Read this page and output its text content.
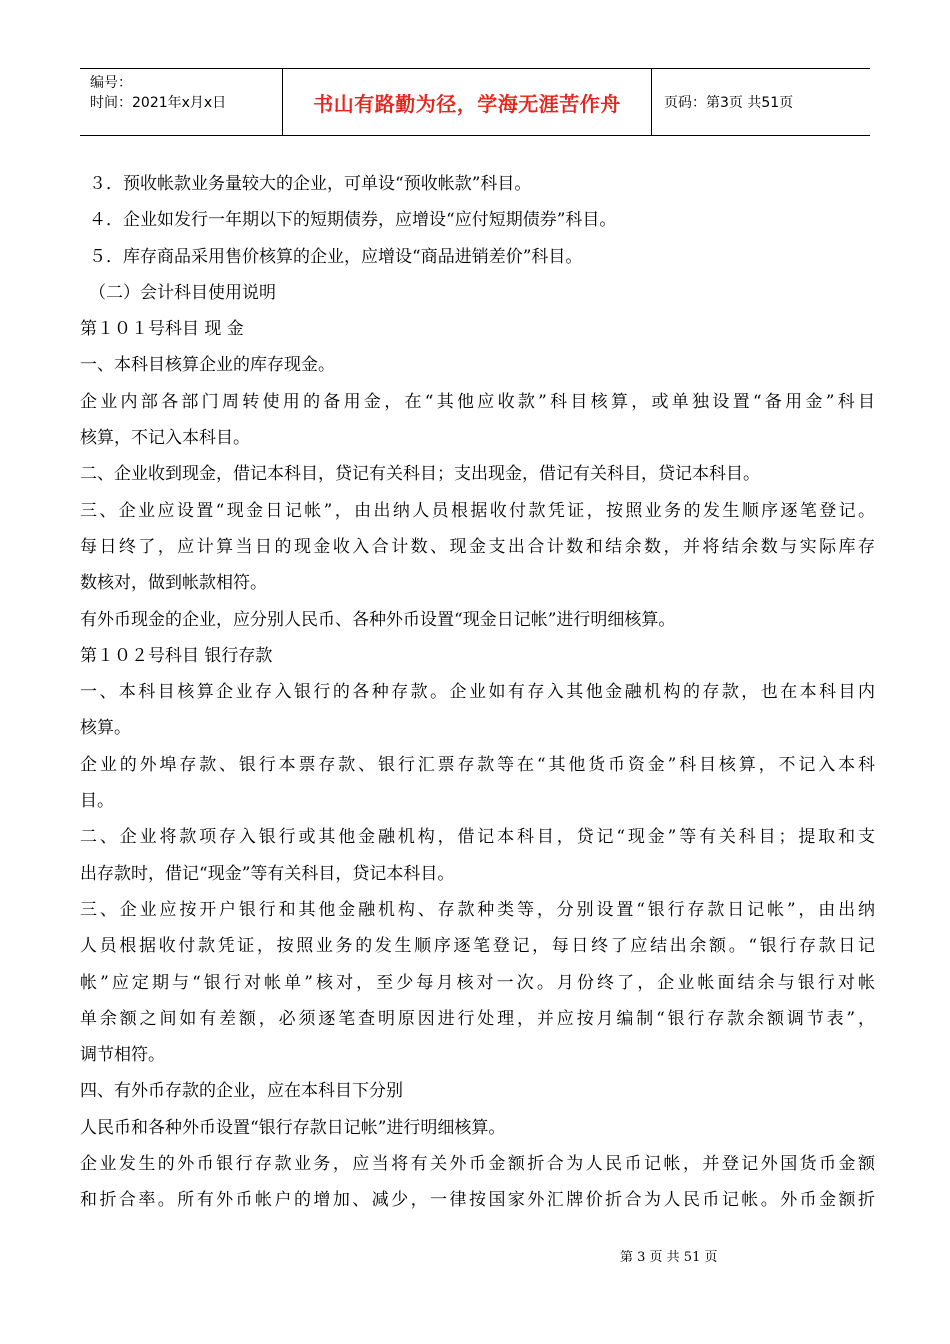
编号：
时间：2021年x月x日	书山有路勤为径，学海无涯苦作舟	页码：第3页 共51页
３．预收帐款业务量较大的企业，可单设“预收帐款”科目。
４．企业如发行一年期以下的短期债券，应增设“应付短期债券”科目。
５．库存商品采用售价核算的企业，应增设“商品进销差价”科目。
（二）会计科目使用说明
第１０１号科目 现 金
一、本科目核算企业的库存现金。
企业内部各部门周转使用的备用金，在“其他应收款”科目核算，或单独设置“备用金”科目
核算，不记入本科目。
二、企业收到现金，借记本科目，贷记有关科目；支出现金，借记有关科目，贷记本科目。
三、企业应设置“现金日记帐”，由出纳人员根据收付款凭证，按照业务的发生顺序逐笔登记。
每日终了，应计算当日的现金收入合计数、现金支出合计数和结余数，并将结余数与实际库存
数核对，做到帐款相符。
有外币现金的企业，应分别人民币、各种外币设置“现金日记帐”进行明细核算。
第１０２号科目 银行存款
一、本科目核算企业存入银行的各种存款。企业如有存入其他金融机构的存款，也在本科目内
核算。
企业的外埠存款、银行本票存款、银行汇票存款等在“其他货币资金”科目核算，不记入本科
目。
二、企业将款项存入银行或其他金融机构，借记本科目，贷记“现金”等有关科目；提取和支
出存款时，借记“现金”等有关科目，贷记本科目。
三、企业应按开户银行和其他金融机构、存款种类等，分别设置“银行存款日记帐”，由出纳
人员根据收付款凭证，按照业务的发生顺序逐笔登记，每日终了应结出余额。“银行存款日记
帐”应定期与“银行对帐单”核对，至少每月核对一次。月份终了，企业帐面结余与银行对帐
单余额之间如有差额，必须逐笔查明原因进行处理，并应按月编制“银行存款余额调节表”，
调节相符。
四、有外币存款的企业，应在本科目下分别
人民币和各种外币设置“银行存款日记帐”进行明细核算。
企业发生的外币银行存款业务，应当将有关外币金额折合为人民币记帐，并登记外国货币金额
和折合率。所有外币帐户的增加、减少，一律按国家外汇牌价折合为人民币记帐。外币金额折
第 3 页 共 51 页
